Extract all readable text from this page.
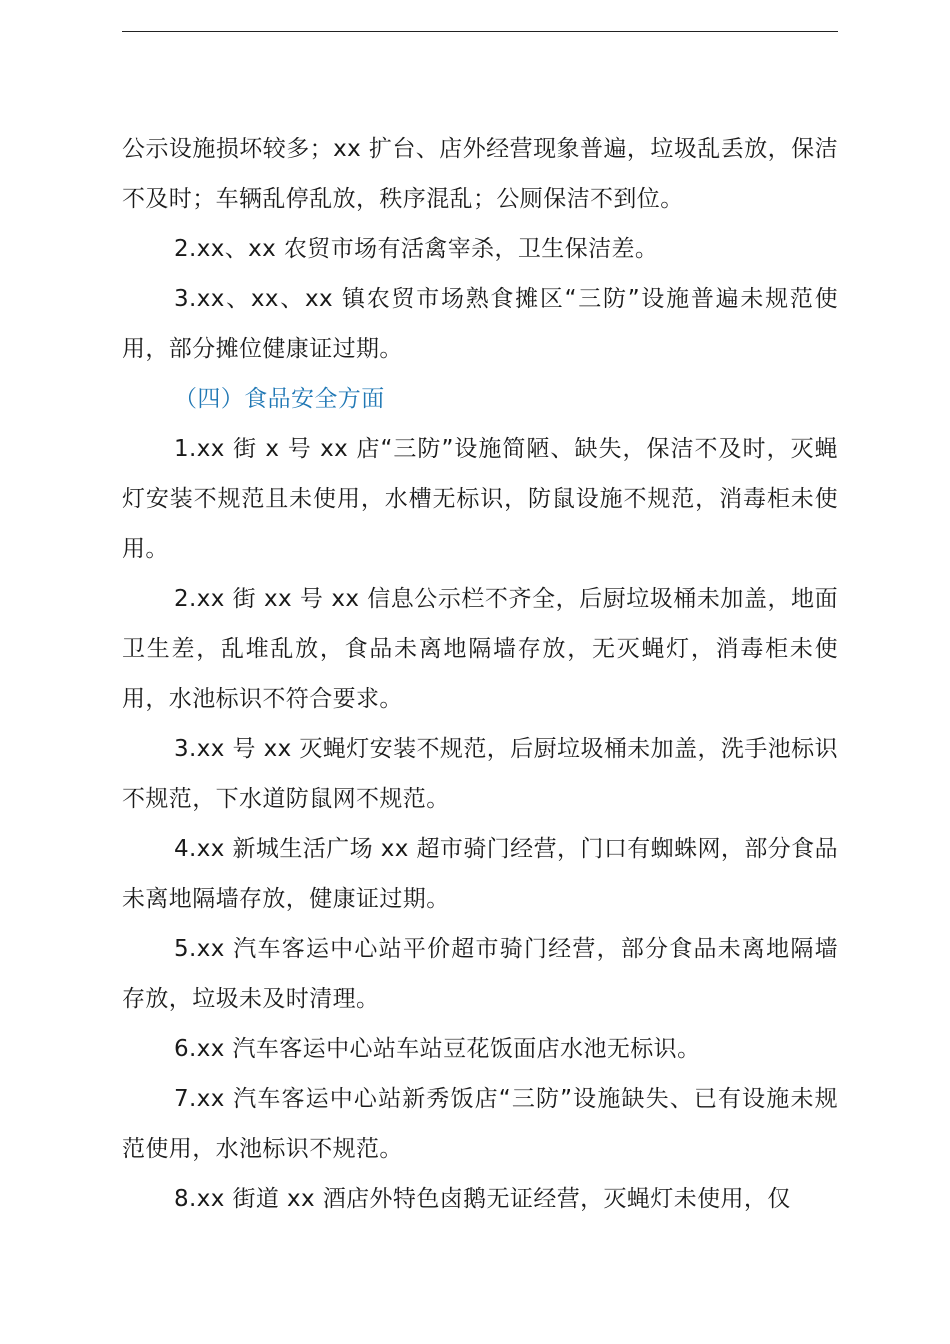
公示设施损坏较多；xx 扩台、店外经营现象普遍，垃圾乱丢放，保洁不及时；车辆乱停乱放，秩序混乱；公厕保洁不到位。

2.xx、xx 农贸市场有活禽宰杀，卫生保洁差。

3.xx、xx、xx 镇农贸市场熟食摊区“三防”设施普遍未规范使用，部分摊位健康证过期。

（四）食品安全方面

1.xx 街 x 号 xx 店“三防”设施简陋、缺失，保洁不及时，灭蝇灯安装不规范且未使用，水槽无标识，防鼠设施不规范，消毒柜未使用。

2.xx 街 xx 号 xx 信息公示栏不齐全，后厨垃圾桶未加盖，地面卫生差，乱堆乱放，食品未离地隔墙存放，无灭蝇灯，消毒柜未使用，水池标识不符合要求。

3.xx 号 xx 灭蝇灯安装不规范，后厨垃圾桶未加盖，洗手池标识不规范，下水道防鼠网不规范。

4.xx 新城生活广场 xx 超市骑门经营，门口有蜘蛛网，部分食品未离地隔墙存放，健康证过期。

5.xx 汽车客运中心站平价超市骑门经营，部分食品未离地隔墙存放，垃圾未及时清理。

6.xx 汽车客运中心站车站豆花饭面店水池无标识。

7.xx 汽车客运中心站新秀饭店“三防”设施缺失、已有设施未规范使用，水池标识不规范。

8.xx 街道 xx 酒店外特色卤鹅无证经营，灭蝇灯未使用，仅
